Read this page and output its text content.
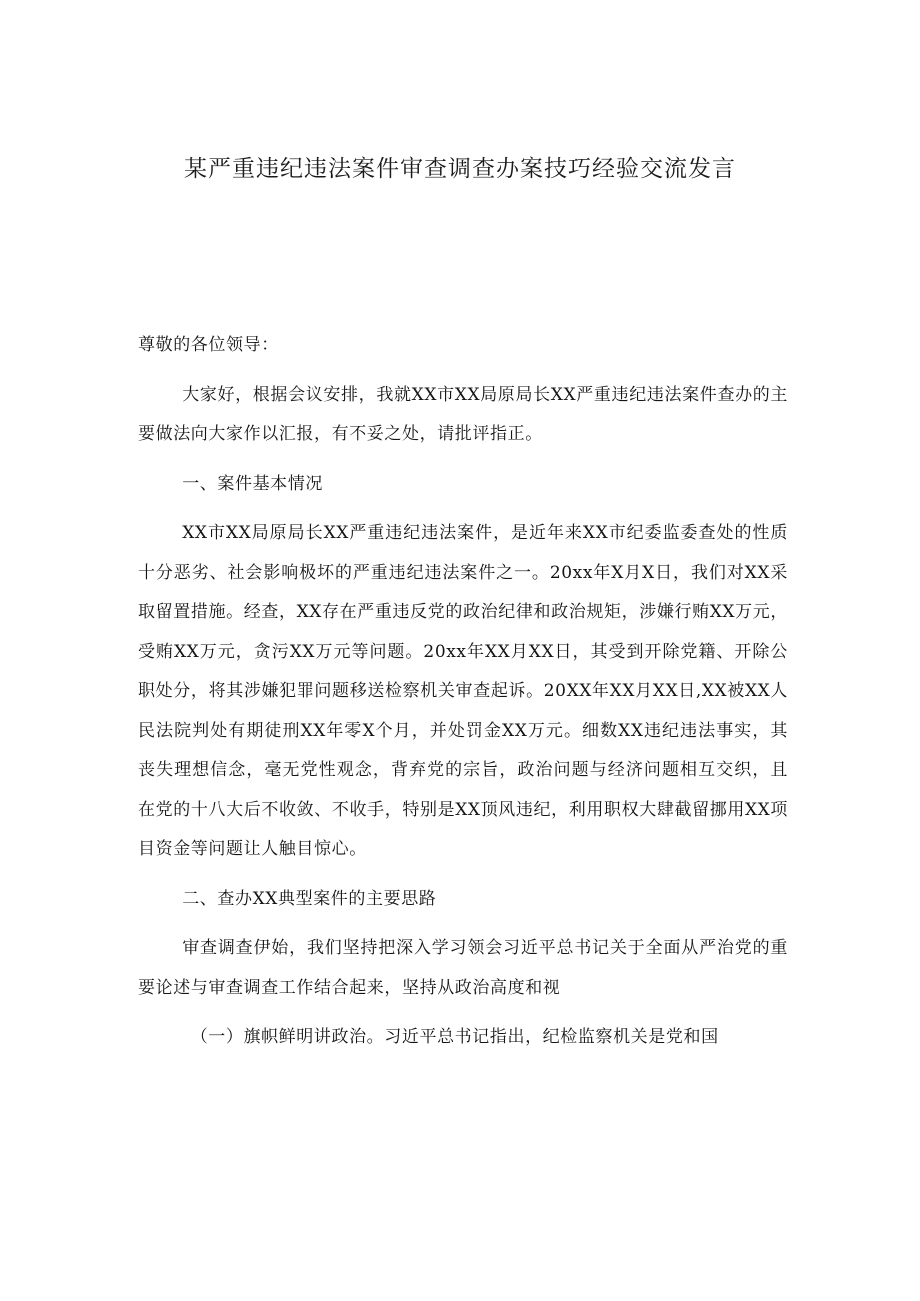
某严重违纪违法案件审查调查办案技巧经验交流发言

尊敬的各位领导：

大家好，根据会议安排，我就XX市XX局原局长XX严重违纪违法案件查办的主要做法向大家作以汇报，有不妥之处，请批评指正。

一、案件基本情况

XX市XX局原局长XX严重违纪违法案件，是近年来XX市纪委监委查处的性质十分恶劣、社会影响极坏的严重违纪违法案件之一。20xx年X月X日，我们对XX采取留置措施。经查，XX存在严重违反党的政治纪律和政治规矩，涉嫌行贿XX万元，受贿XX万元，贪污XX万元等问题。20xx年XX月XX日，其受到开除党籍、开除公职处分，将其涉嫌犯罪问题移送检察机关审查起诉。20XX年XX月XX日,XX被XX人民法院判处有期徒刑XX年零X个月，并处罚金XX万元。细数XX违纪违法事实，其丧失理想信念，毫无党性观念，背弃党的宗旨，政治问题与经济问题相互交织，且在党的十八大后不收敛、不收手，特别是XX顶风违纪，利用职权大肆截留挪用XX项目资金等问题让人触目惊心。

二、查办XX典型案件的主要思路

审查调查伊始，我们坚持把深入学习领会习近平总书记关于全面从严治党的重要论述与审查调查工作结合起来，坚持从政治高度和视

（一）旗帜鲜明讲政治。习近平总书记指出，纪检监察机关是党和国
